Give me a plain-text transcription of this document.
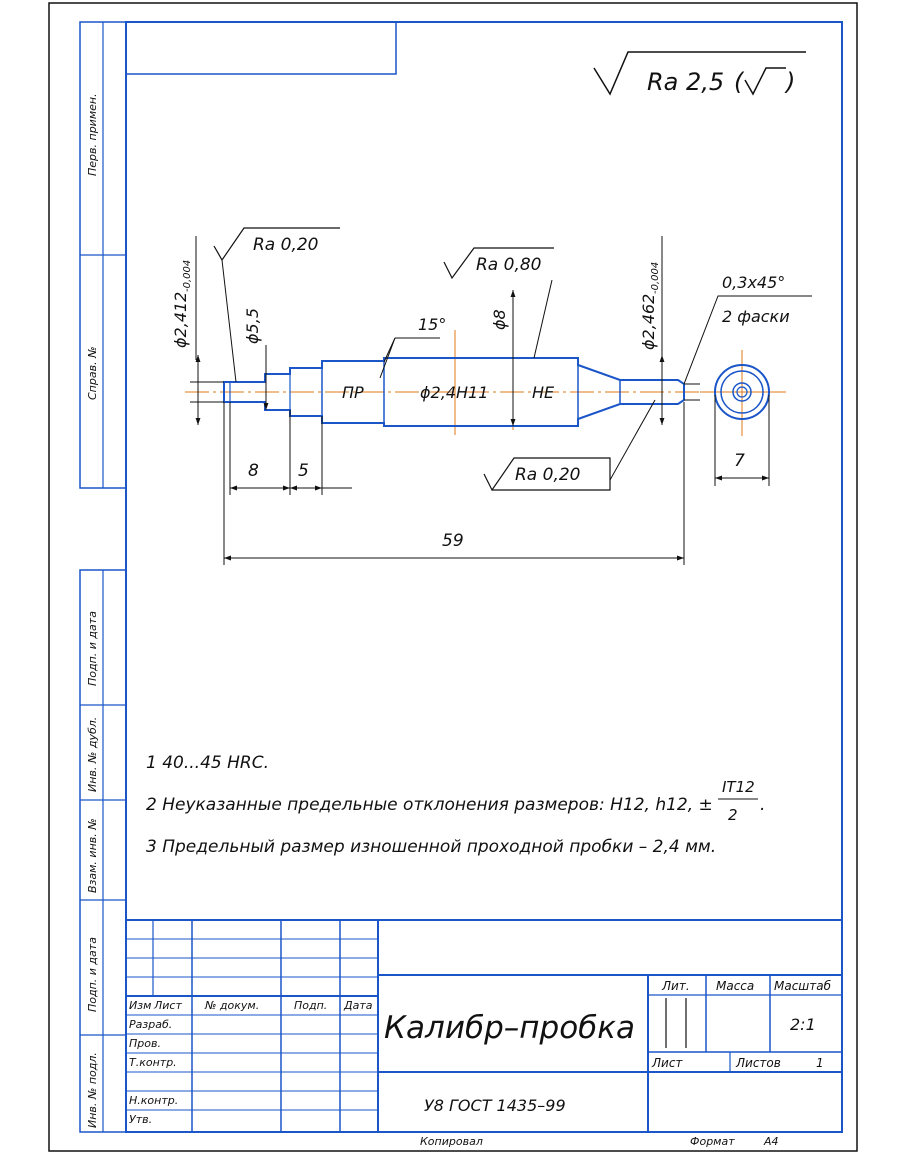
Перв. примен.
Справ. №
Подп. и дата
Инв. № дубл.
Взам. инв. №
Подп. и дата
Инв. № подл.
Ra 2,5 ( )
ϕ2,412
-0,004
ϕ5,5	ϕ8	ϕ2,462
-0,004
15°
0,3x45°
2 фаски
8 5
59
7
Ra 0,20
Ra 0,80
Ra 0,20
ПР	ϕ2,4H11	НЕ
1 40...45 HRC.
2 Неуказанные предельные отклонения размеров: H12, h12, ±
IT12
2 .
3 Предельный размер изношенной проходной пробки – 2,4 мм.
Изм Лист № докум.	Подп. Дата
Разраб.
Пров.
Т.контр.
Н.контр.
Утв.
Калибр–пробка
У8 ГОСТ 1435–99
Лит. Масса Масштаб
2:1
Лист	Листов	1
Копировал	Формат	А4
